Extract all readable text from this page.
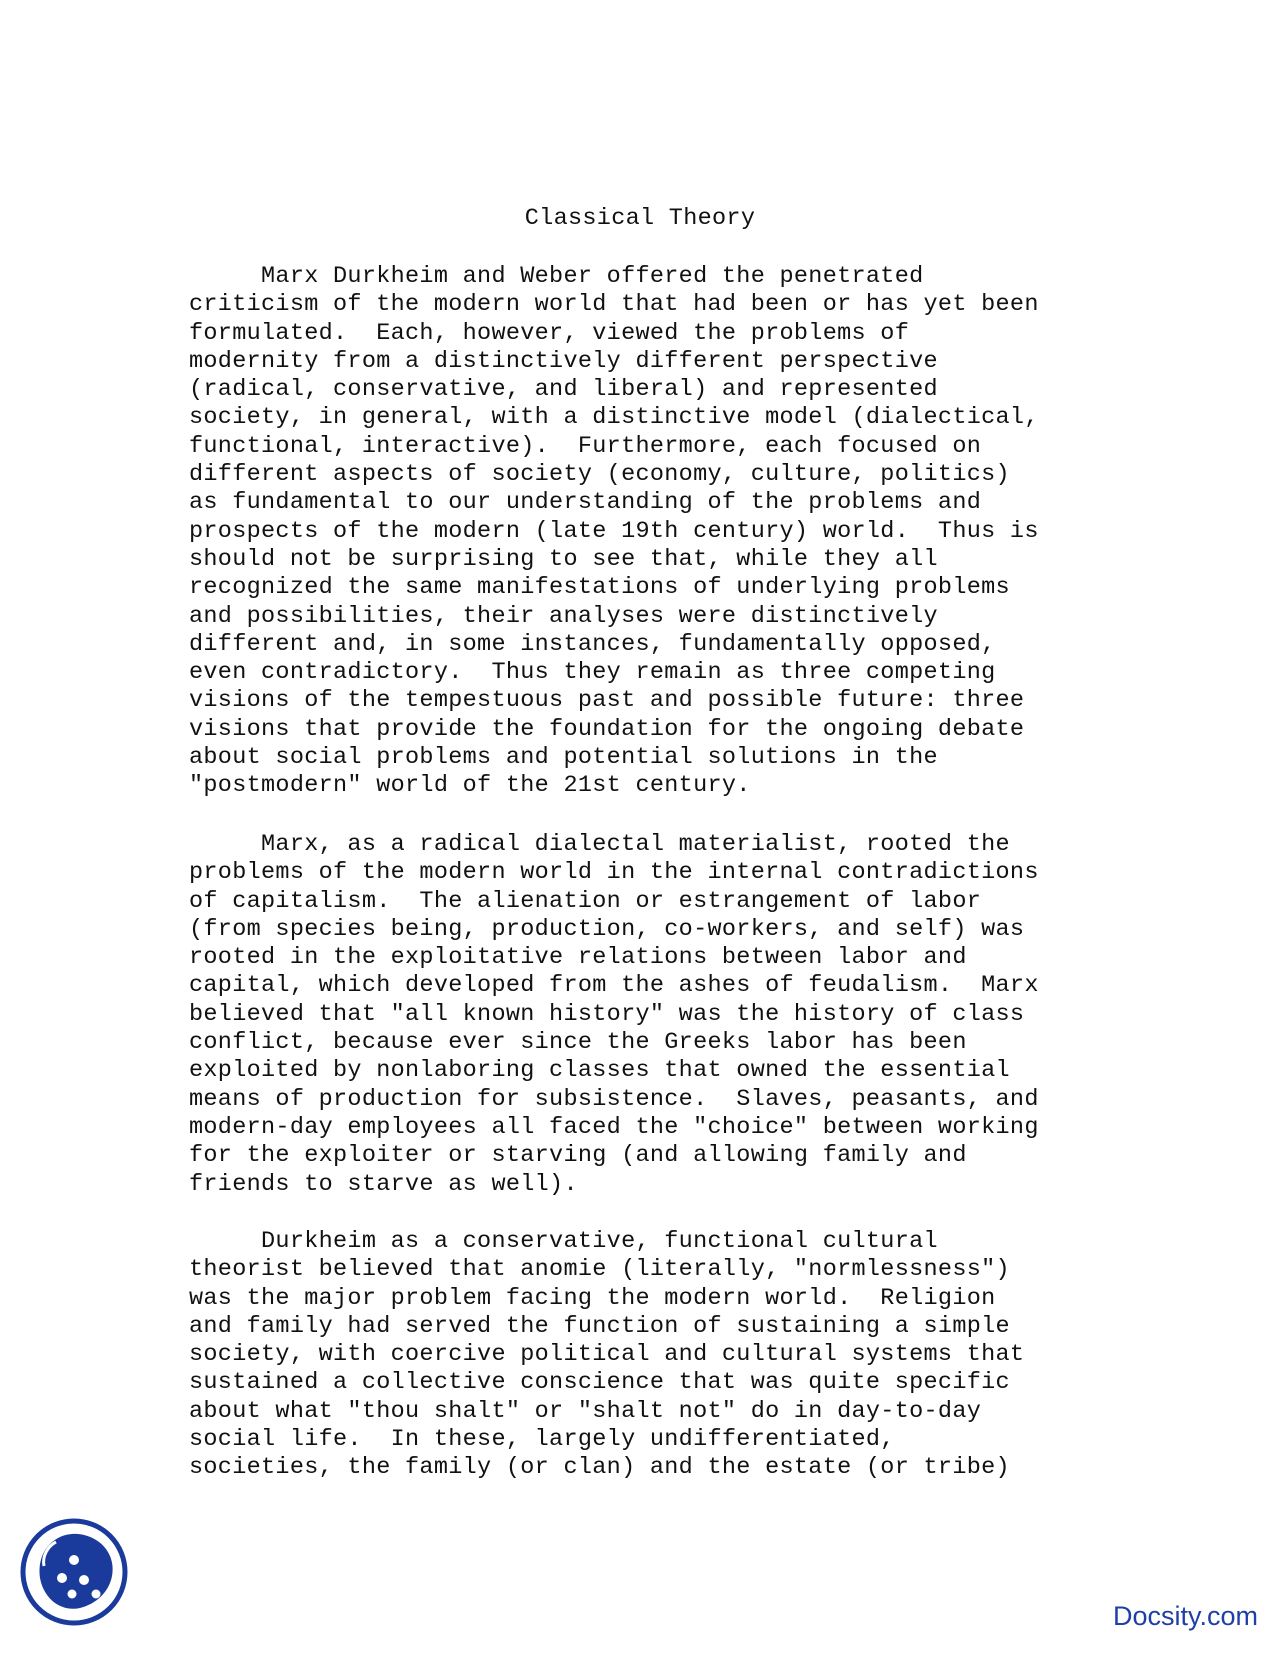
Classical Theory
Marx Durkheim and Weber offered the penetrated
criticism of the modern world that had been or has yet been
formulated.  Each, however, viewed the problems of
modernity from a distinctively different perspective
(radical, conservative, and liberal) and represented
society, in general, with a distinctive model (dialectical,
functional, interactive).  Furthermore, each focused on
different aspects of society (economy, culture, politics)
as fundamental to our understanding of the problems and
prospects of the modern (late 19th century) world.  Thus is
should not be surprising to see that, while they all
recognized the same manifestations of underlying problems
and possibilities, their analyses were distinctively
different and, in some instances, fundamentally opposed,
even contradictory.  Thus they remain as three competing
visions of the tempestuous past and possible future: three
visions that provide the foundation for the ongoing debate
about social problems and potential solutions in the
"postmodern" world of the 21st century.
Marx, as a radical dialectal materialist, rooted the
problems of the modern world in the internal contradictions
of capitalism.  The alienation or estrangement of labor
(from species being, production, co-workers, and self) was
rooted in the exploitative relations between labor and
capital, which developed from the ashes of feudalism.  Marx
believed that "all known history" was the history of class
conflict, because ever since the Greeks labor has been
exploited by nonlaboring classes that owned the essential
means of production for subsistence.  Slaves, peasants, and
modern-day employees all faced the "choice" between working
for the exploiter or starving (and allowing family and
friends to starve as well).
Durkheim as a conservative, functional cultural
theorist believed that anomie (literally, "normlessness")
was the major problem facing the modern world.  Religion
and family had served the function of sustaining a simple
society, with coercive political and cultural systems that
sustained a collective conscience that was quite specific
about what "thou shalt" or "shalt not" do in day-to-day
social life.  In these, largely undifferentiated,
societies, the family (or clan) and the estate (or tribe)
Docsity.com
